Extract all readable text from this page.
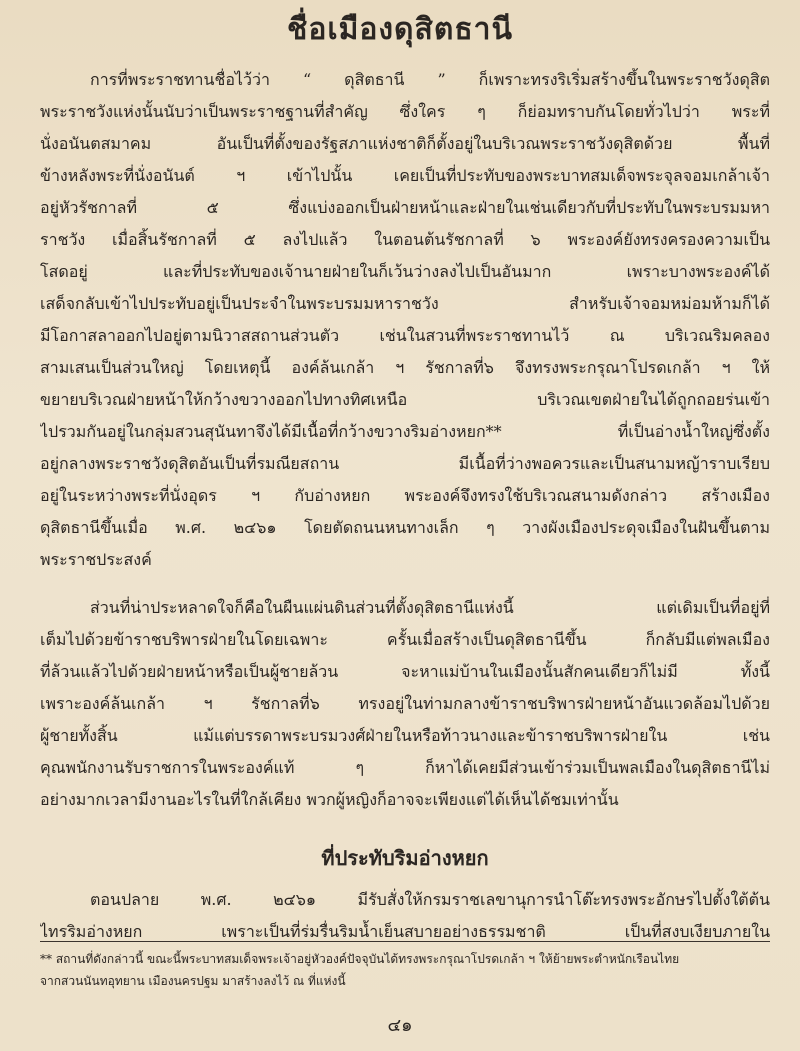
ชื่อเมืองดุสิตธานี

การที่พระราชทานชื่อไว้ว่า “ ดุสิตธานี ” ก็เพราะทรงริเริ่มสร้างขึ้นในพระราชวังดุสิต

พระราชวังแห่งนั้นนับว่าเป็นพระราชฐานที่สำคัญ ซึ่งใคร ๆ ก็ย่อมทราบกันโดยทั่วไปว่า พระที่

นั่งอนันตสมาคม อันเป็นที่ตั้งของรัฐสภาแห่งชาติก็ตั้งอยู่ในบริเวณพระราชวังดุสิตด้วย พื้นที่

ข้างหลังพระที่นั่งอนันต์ ฯ เข้าไปนั้น เคยเป็นที่ประทับของพระบาทสมเด็จพระจุลจอมเกล้าเจ้า

อยู่หัวรัชกาลที่ ๕ ซึ่งแบ่งออกเป็นฝ่ายหน้าและฝ่ายในเช่นเดียวกับที่ประทับในพระบรมมหา

ราชวัง เมื่อสิ้นรัชกาลที่ ๕ ลงไปแล้ว ในตอนต้นรัชกาลที่ ๖ พระองค์ยังทรงครองความเป็น

โสดอยู่ และที่ประทับของเจ้านายฝ่ายในก็เว้นว่างลงไปเป็นอันมาก เพราะบางพระองค์ได้

เสด็จกลับเข้าไปประทับอยู่เป็นประจำในพระบรมมหาราชวัง สำหรับเจ้าจอมหม่อมห้ามก็ได้

มีโอกาสลาออกไปอยู่ตามนิวาสสถานส่วนตัว เช่นในสวนที่พระราชทานไว้ ณ บริเวณริมคลอง

สามเสนเป็นส่วนใหญ่ โดยเหตุนี้ องค์ล้นเกล้า ฯ รัชกาลที่๖ จึงทรงพระกรุณาโปรดเกล้า ฯ ให้

ขยายบริเวณฝ่ายหน้าให้กว้างขวางออกไปทางทิศเหนือ บริเวณเขตฝ่ายในได้ถูกถอยร่นเข้า

ไปรวมกันอยู่ในกลุ่มสวนสุนันทาจึงได้มีเนื้อที่กว้างขวางริมอ่างหยก** ที่เป็นอ่างน้ำใหญ่ซึ่งตั้ง

อยู่กลางพระราชวังดุสิตอันเป็นที่รมณียสถาน มีเนื้อที่ว่างพอควรและเป็นสนามหญ้าราบเรียบ

อยู่ในระหว่างพระที่นั่งอุดร ฯ กับอ่างหยก พระองค์จึงทรงใช้บริเวณสนามดังกล่าว สร้างเมือง

ดุสิตธานีขึ้นเมื่อ พ.ศ. ๒๔๖๑ โดยตัดถนนหนทางเล็ก ๆ วางผังเมืองประดุจเมืองในฝันขึ้นตาม

พระราชประสงค์

ส่วนที่น่าประหลาดใจก็คือในผืนแผ่นดินส่วนที่ตั้งดุสิตธานีแห่งนี้ แต่เดิมเป็นที่อยู่ที่

เต็มไปด้วยข้าราชบริพารฝ่ายในโดยเฉพาะ ครั้นเมื่อสร้างเป็นดุสิตธานีขึ้น ก็กลับมีแต่พลเมือง

ที่ล้วนแล้วไปด้วยฝ่ายหน้าหรือเป็นผู้ชายล้วน จะหาแม่บ้านในเมืองนั้นสักคนเดียวก็ไม่มี ทั้งนี้

เพราะองค์ล้นเกล้า ฯ รัชกาลที่๖ ทรงอยู่ในท่ามกลางข้าราชบริพารฝ่ายหน้าอันแวดล้อมไปด้วย

ผู้ชายทั้งสิ้น แม้แต่บรรดาพระบรมวงศ์ฝ่ายในหรือท้าวนางและข้าราชบริพารฝ่ายใน เช่น

คุณพนักงานรับราชการในพระองค์แท้ ๆ ก็หาได้เคยมีส่วนเข้าร่วมเป็นพลเมืองในดุสิตธานีไม่

อย่างมากเวลามีงานอะไรในที่ใกล้เคียง พวกผู้หญิงก็อาจจะเพียงแต่ได้เห็นได้ชมเท่านั้น

ที่ประทับริมอ่างหยก

ตอนปลาย พ.ศ. ๒๔๖๑ มีรับสั่งให้กรมราชเลขานุการนำโต๊ะทรงพระอักษรไปตั้งใต้ต้น

ไทรริมอ่างหยก เพราะเป็นที่ร่มรื่นริมน้ำเย็นสบายอย่างธรรมชาติ เป็นที่สงบเงียบภายใน

** สถานที่ดังกล่าวนี้ ขณะนี้พระบาทสมเด็จพระเจ้าอยู่หัวองค์ปัจจุบันได้ทรงพระกรุณาโปรดเกล้า ฯ ให้ย้ายพระตำหนักเรือนไทย

จากสวนนันทอุทยาน เมืองนครปฐม มาสร้างลงไว้ ณ ที่แห่งนี้

๔๑
